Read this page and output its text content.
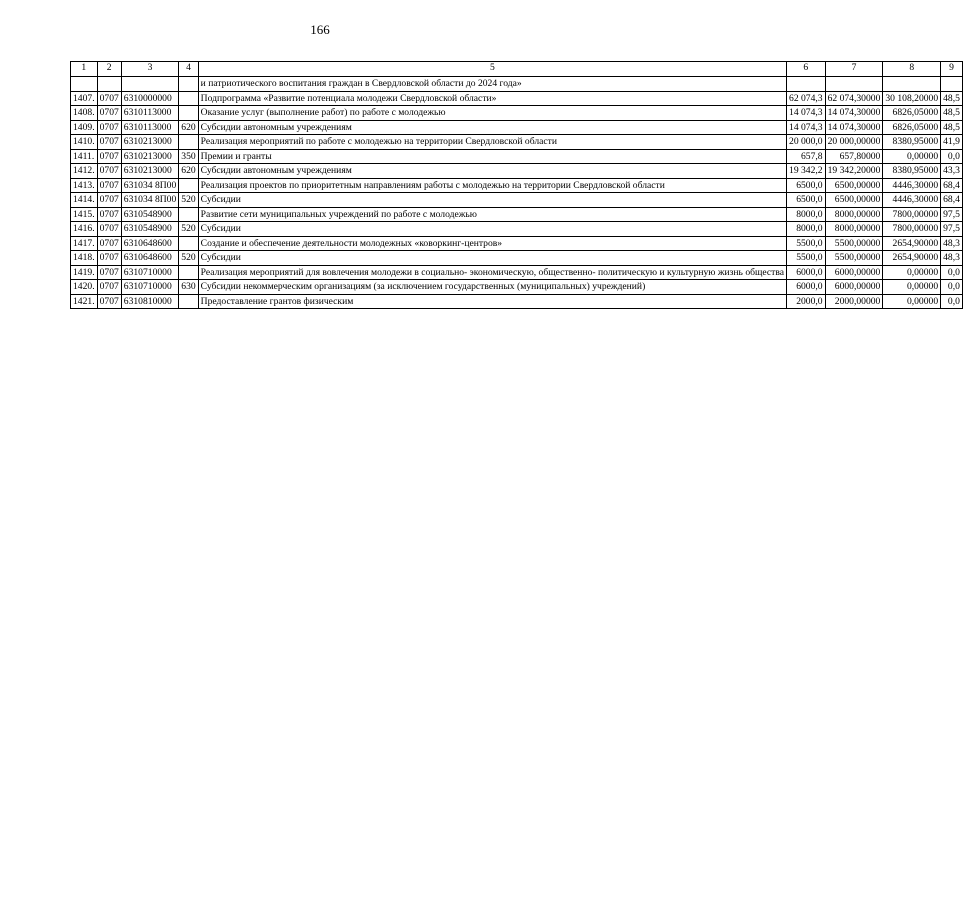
166
1	2	3	4	5	6	7	8	9
				и патриотического воспитания граждан в Свердловской области до 2024 года»				
1407.	0707	6310000000		Подпрограмма «Развитие потенциала молодежи Свердловской области»	62 074,3	62 074,30000	30 108,20000	48,5
1408.	0707	6310113000		Оказание услуг (выполнение работ) по работе с молодежью	14 074,3	14 074,30000	6826,05000	48,5
1409.	0707	6310113000	620	Субсидии автономным учреждениям	14 074,3	14 074,30000	6826,05000	48,5
1410.	0707	6310213000		Реализация мероприятий по работе с молодежью на территории Свердловской области	20 000,0	20 000,00000	8380,95000	41,9
1411.	0707	6310213000	350	Премии и гранты	657,8	657,80000	0,00000	0,0
1412.	0707	6310213000	620	Субсидии автономным учреждениям	19 342,2	19 342,20000	8380,95000	43,3
1413.	0707	631034 8П00		Реализация проектов по приоритетным направлениям работы с молодежью на территории Свердловской области	6500,0	6500,00000	4446,30000	68,4
1414.	0707	631034 8П00	520	Субсидии	6500,0	6500,00000	4446,30000	68,4
1415.	0707	6310548900		Развитие сети муниципальных учреждений по работе с молодежью	8000,0	8000,00000	7800,00000	97,5
1416.	0707	6310548900	520	Субсидии	8000,0	8000,00000	7800,00000	97,5
1417.	0707	6310648600		Создание и обеспечение деятельности молодежных «коворкинг-центров»	5500,0	5500,00000	2654,90000	48,3
1418.	0707	6310648600	520	Субсидии	5500,0	5500,00000	2654,90000	48,3
1419.	0707	6310710000		Реализация мероприятий для вовлечения молодежи в социально- экономическую, общественно- политическую и культурную жизнь общества	6000,0	6000,00000	0,00000	0,0
1420.	0707	6310710000	630	Субсидии некоммерческим организациям (за исключением государственных (муниципальных) учреждений)	6000,0	6000,00000	0,00000	0,0
1421.	0707	6310810000		Предоставление грантов физическим	2000,0	2000,00000	0,00000	0,0
